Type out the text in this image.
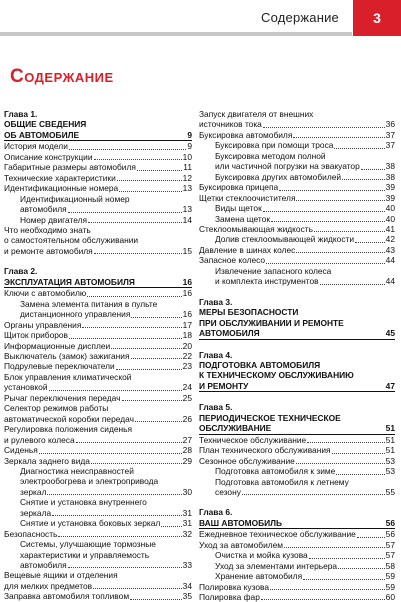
Содержание	3
Содержание
Глава 1.
ОБЩИЕ СВЕДЕНИЯ
ОБ АВТОМОБИЛЕ	9
История модели	9
Описание конструкции	10
Габаритные размеры автомобиля	11
Технические характеристики	12
Идентификационные номера	13
Идентификационный номер
автомобиля	13
Номер двигателя	14
Что необходимо знать
о самостоятельном обслуживании
и ремонте автомобиля	15
Глава 2.
ЭКСПЛУАТАЦИЯ АВТОМОБИЛЯ	16
Ключи с автомобилю	16
Замена элемента питания в пульте
дистанционного управления	16
Органы управления	17
Щиток приборов	18
Информационные дисплеи	20
Выключатель (замок) зажигания	22
Подрулевые переключатели	23
Блок управления климатической
установкой	24
Рычаг переключения передач	25
Селектор режимов работы
автоматической коробки передач	26
Регулировка положения сиденья
и рулевого колеса	27
Сиденья	28
Зеркала заднего вида	29
Диагностика неисправностей
электрообогрева и электропривода
зеркал	30
Снятие и установка внутреннего
зеркала	31
Снятие и установка боковых зеркал	31
Безопасность	32
Системы, улучшающие тормозные
характеристики и управляемость
автомобиля	33
Вещевые ящики и отделения
для мелких предметов	34
Заправка автомобиля топливом	35
Запуск двигателя от внешних
источников тока	36
Буксировка автомобиля	37
Буксировка при помощи троса	37
Буксировка методом полной
или частичной погрузки на эвакуатор	38
Буксировка других автомобилей	38
Буксировка прицепа	39
Щетки стеклоочистителя	39
Виды щеток	40
Замена щеток	40
Стеклоомывающая жидкость	41
Долив стеклоомывающей жидкости	42
Давление в шинах колес	43
Запасное колесо	44
Извлечение запасного колеса
и комплекта инструментов	44
Глава 3.
МЕРЫ БЕЗОПАСНОСТИ
ПРИ ОБСЛУЖИВАНИИ И РЕМОНТЕ
АВТОМОБИЛЯ	45
Глава 4.
ПОДГОТОВКА АВТОМОБИЛЯ
К ТЕХНИЧЕСКОМУ ОБСЛУЖИВАНИЮ
И РЕМОНТУ	47
Глава 5.
ПЕРИОДИЧЕСКОЕ ТЕХНИЧЕСКОЕ
ОБСЛУЖИВАНИЕ	51
Техническое обслуживание	51
План технического обслуживания	51
Сезонное обслуживание	53
Подготовка автомобиля к зиме	53
Подготовка автомобиля к летнему
сезону	55
Глава 6.
ВАШ АВТОМОБИЛЬ	56
Ежедневное техническое обслуживание	56
Уход за автомобилем	57
Очистка и мойка кузова	57
Уход за элементами интерьера	58
Хранение автомобиля	59
Полировка кузова	59
Полировка фар	60
